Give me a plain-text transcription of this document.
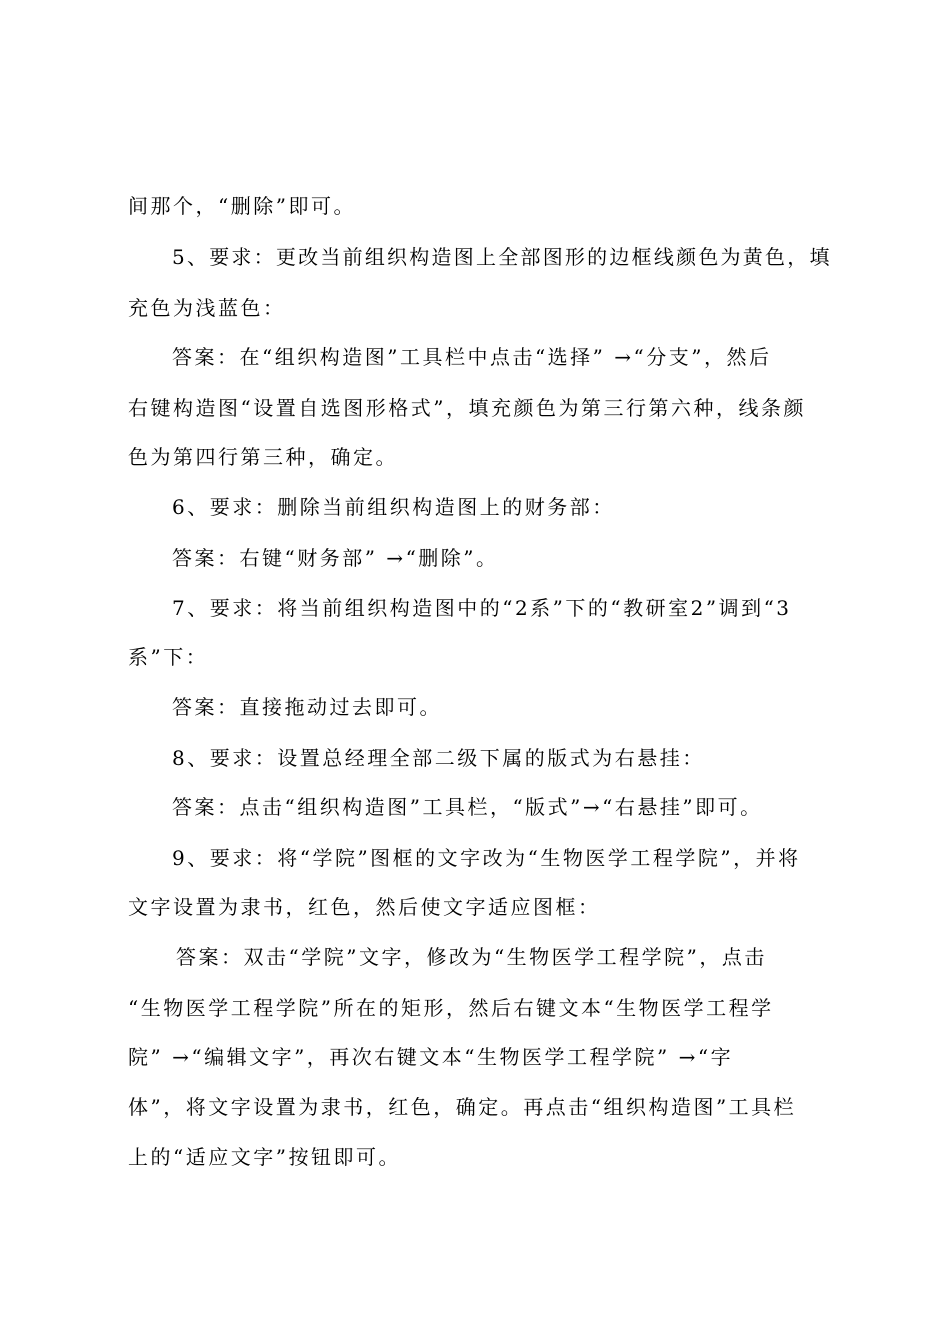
间那个，“删除”即可。
5、要求：更改当前组织构造图上全部图形的边框线颜色为黄色，填
充色为浅蓝色：
答案：在“组织构造图”工具栏中点击“选择” →“分支”，然后
右键构造图“设置自选图形格式”，填充颜色为第三行第六种，线条颜
色为第四行第三种，确定。
6、要求：删除当前组织构造图上的财务部：
答案：右键“财务部” →“删除”。
7、要求：将当前组织构造图中的“2系”下的“教研室2”调到“3
系”下：
答案：直接拖动过去即可。
8、要求：设置总经理全部二级下属的版式为右悬挂：
答案：点击“组织构造图”工具栏，“版式”→“右悬挂”即可。
9、要求：将“学院”图框的文字改为“生物医学工程学院”，并将
文字设置为隶书，红色，然后使文字适应图框：
答案：双击“学院”文字，修改为“生物医学工程学院”，点击
“生物医学工程学院”所在的矩形，然后右键文本“生物医学工程学
院” →“编辑文字”，再次右键文本“生物医学工程学院” →“字
体”，将文字设置为隶书，红色，确定。再点击“组织构造图”工具栏
上的“适应文字”按钮即可。
